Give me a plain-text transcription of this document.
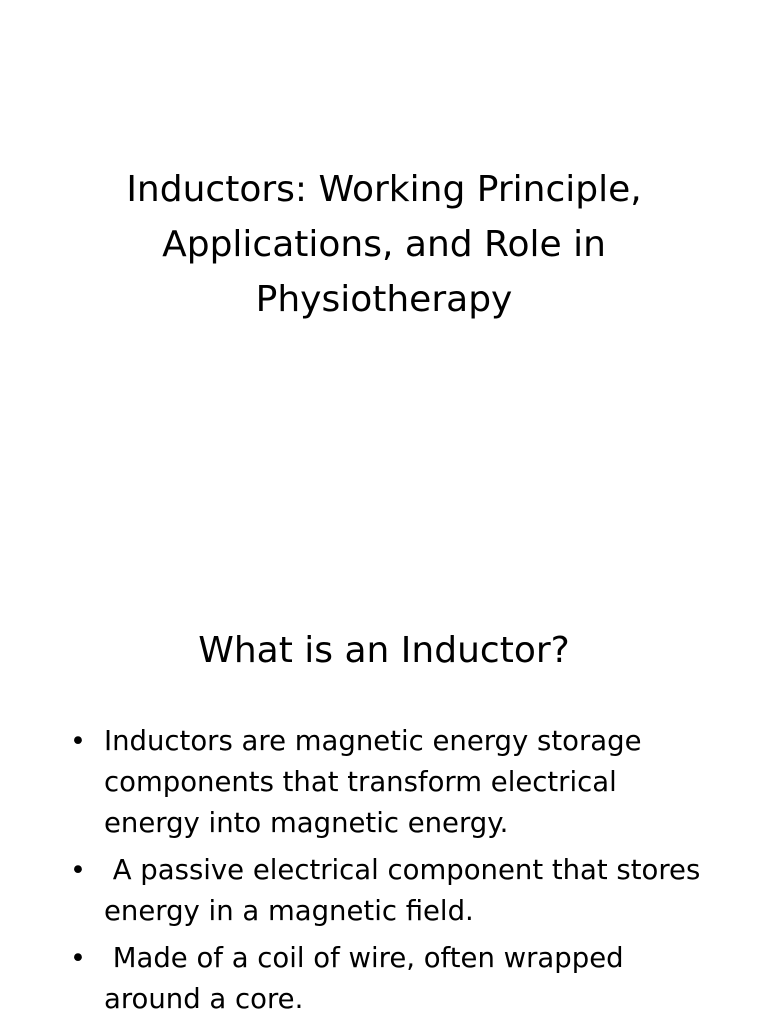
Inductors: Working Principle, Applications, and Role in Physiotherapy
What is an Inductor?
• Inductors are magnetic energy storage components that transform electrical energy into magnetic energy.
• A passive electrical component that stores energy in a magnetic field.
• Made of a coil of wire, often wrapped around a core.
